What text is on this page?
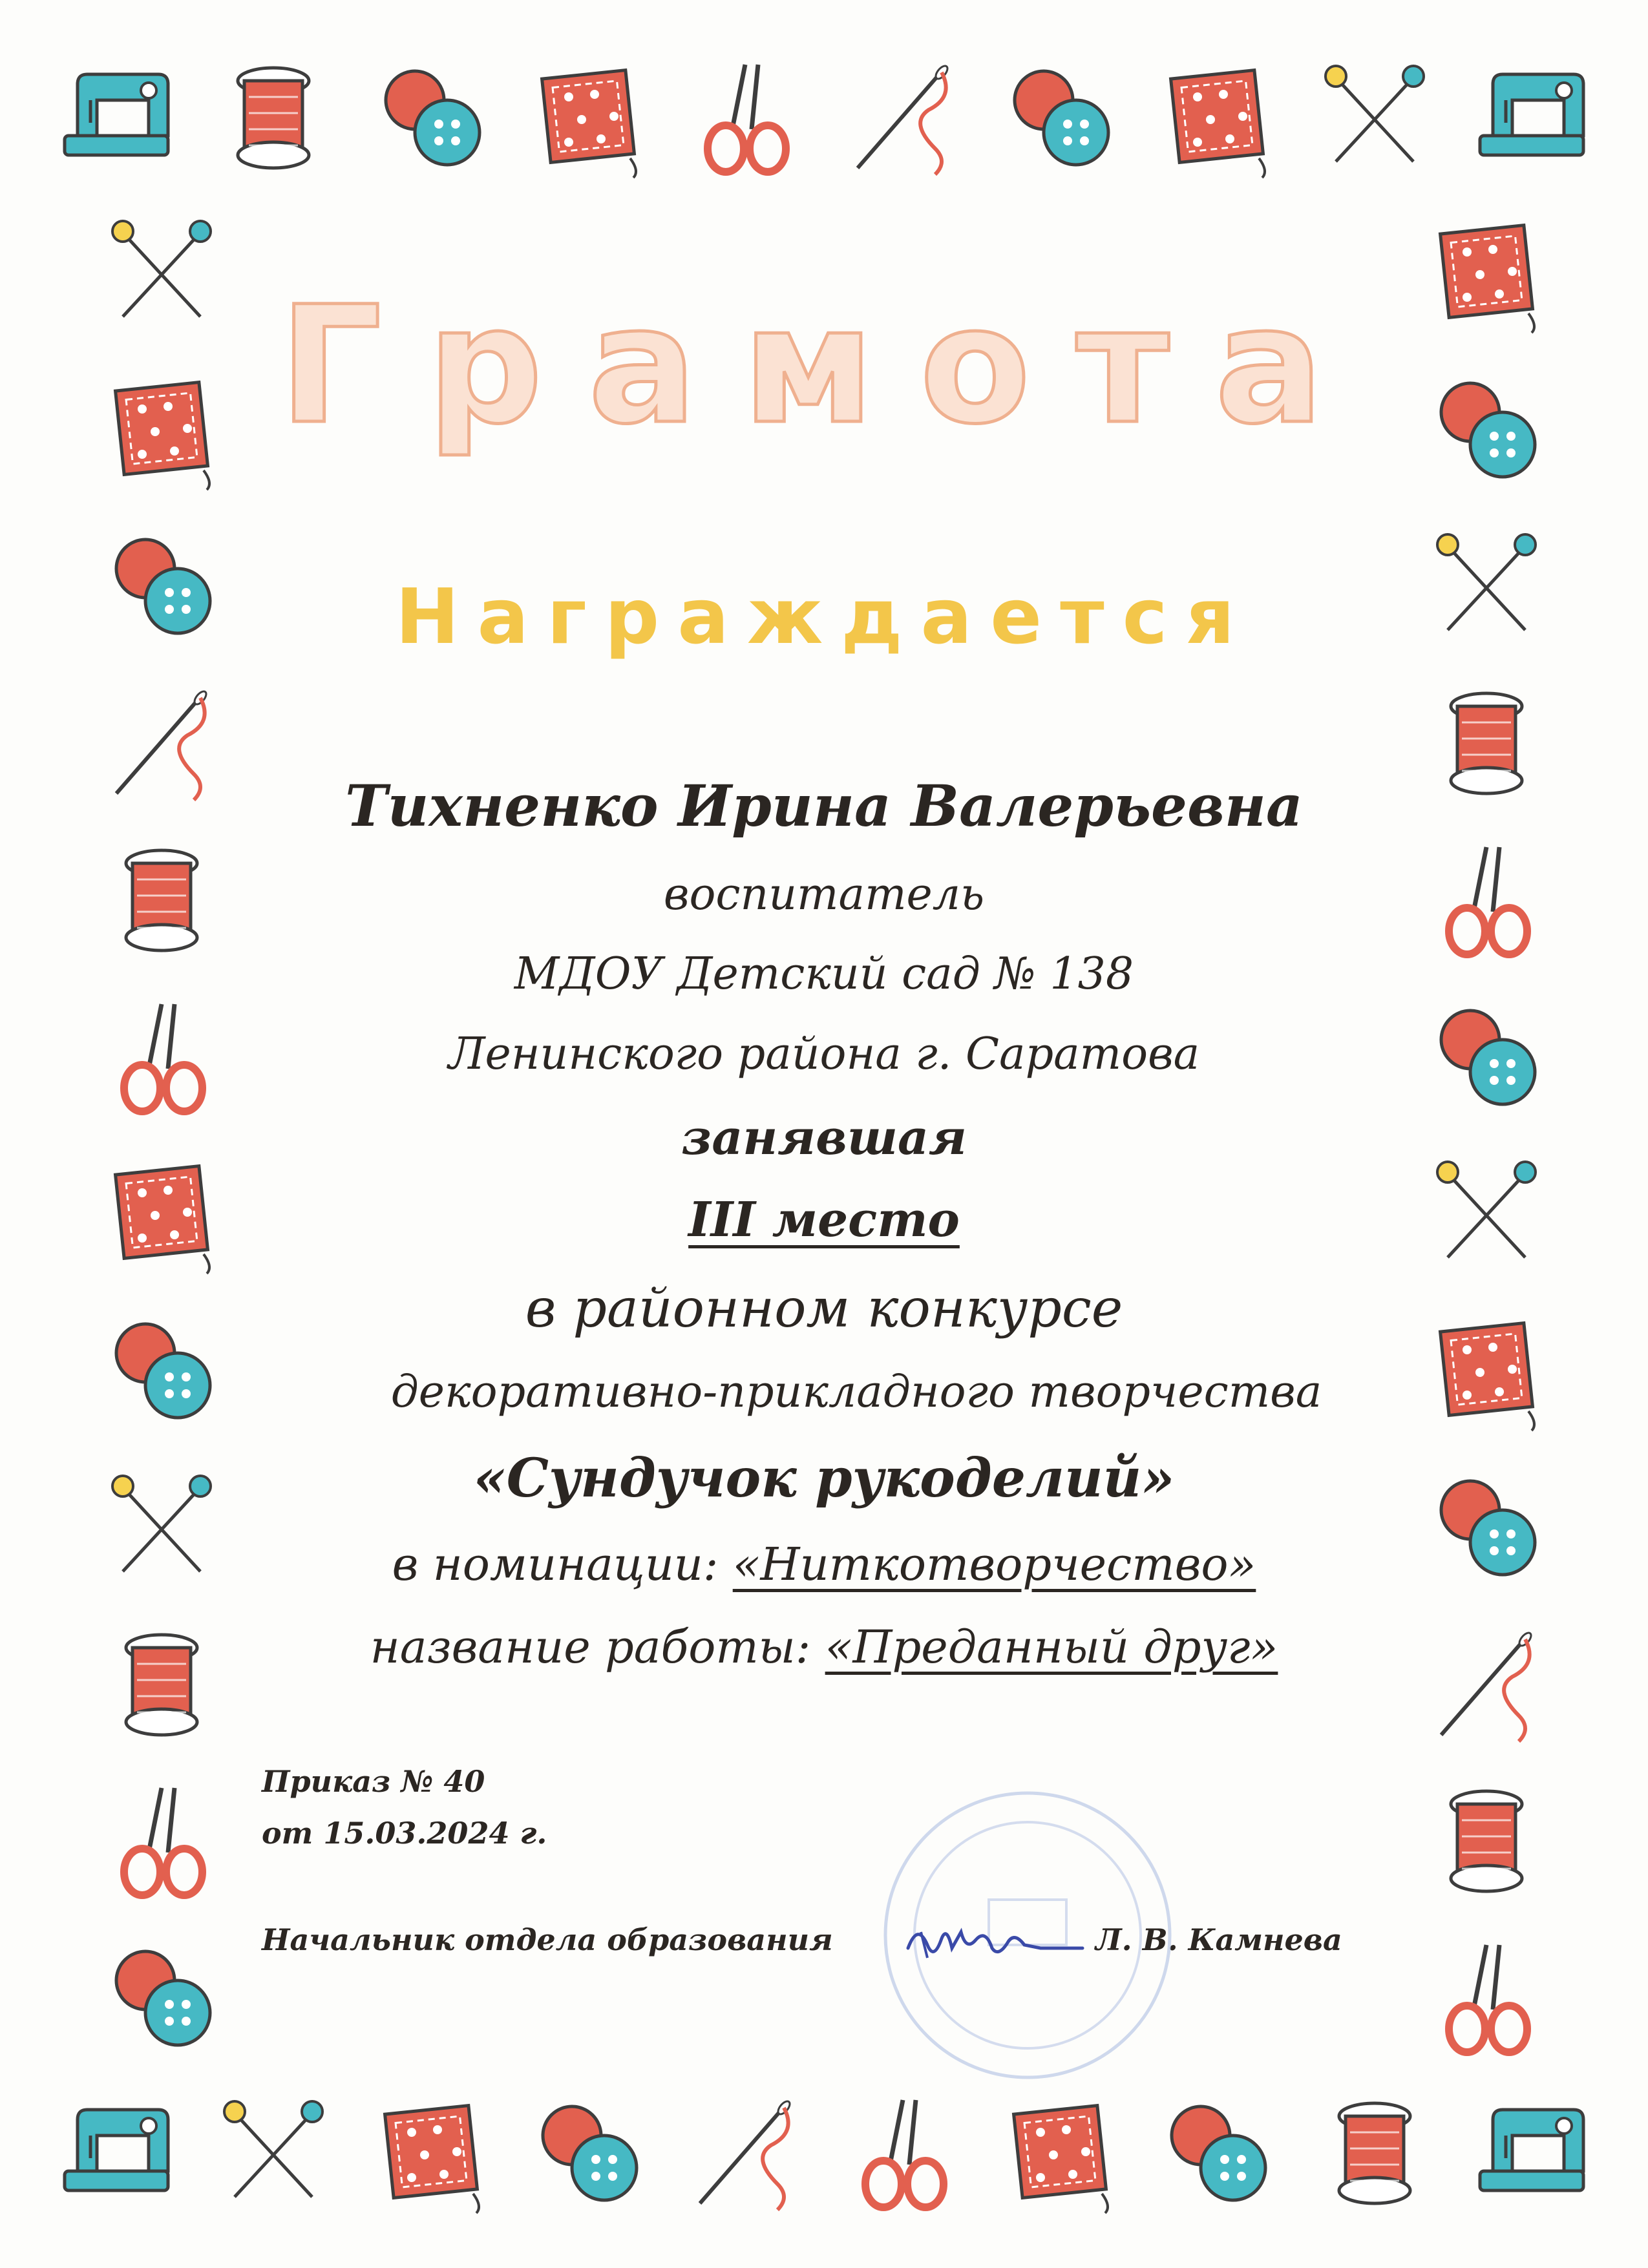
Грамота
Награждается
Тихненко Ирина Валерьевна
воспитатель
МДОУ Детский сад № 138
Ленинского района г. Саратова
занявшая
III место
в районном конкурсе
декоративно-прикладного творчества
«Сундучок рукоделий»
в номинации: «Ниткотворчество»
название работы: «Преданный друг»
Приказ № 40
от 15.03.2024 г.
Начальник отдела образования	Л. В. Камнева
